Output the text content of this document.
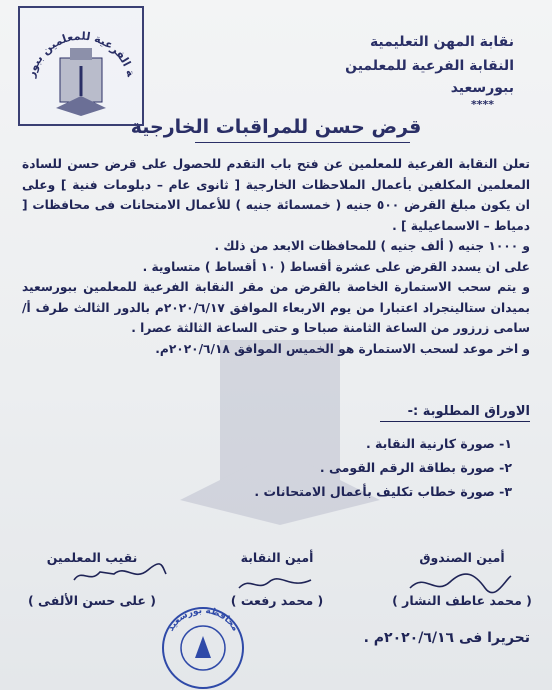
ة الفرعية للمعلمين ببور
نقابة المهن التعليمية
النقابة الفرعية للمعلمين
ببورسعيد
****
قرض حسن للمراقبات الخارجية

تعلن النقابة الفرعية للمعلمين عن فتح باب التقدم للحصول على قرض حسن للسادة المعلمين المكلفين بأعمال الملاحظات الخارجية [ ثانوى عام – دبلومات فنية ] وعلى ان يكون مبلغ القرض ٥٠٠ جنيه ( خمسمائة جنيه ) للأعمال الامتحانات فى محافظات [ دمياط – الاسماعيلية ] .

و ١٠٠٠ جنيه ( ألف جنيه ) للمحافظات الابعد من ذلك .

على ان يسدد القرض على عشرة أقساط ( ١٠ أقساط ) متساوية .

و يتم سحب الاستمارة الخاصة بالقرض من مقر النقابة الفرعية للمعلمين ببورسعيد بميدان ستالينجراد اعتبارا من يوم الاربعاء الموافق ٢٠٢٠/٦/١٧م بالدور الثالث طرف أ/ سامى زرزور من الساعة الثامنة صباحا و حتى الساعة الثالثة عصرا .

و اخر موعد لسحب الاستمارة هو الخميس الموافق ٢٠٢٠/٦/١٨م.

الاوراق المطلوبة :-
١- صورة كارنية النقابة .
٢- صورة بطاقة الرقم القومى .
٣- صورة خطاب تكليف بأعمال الامتحانات .
أمين الصندوق
( محمد عاطف النشار )
أمين النقابة
( محمد رفعت )
نقيب المعلمين
( على حسن الألفى )
محافظة بورسعيد
تحريرا فى ٢٠٢٠/٦/١٦م .
